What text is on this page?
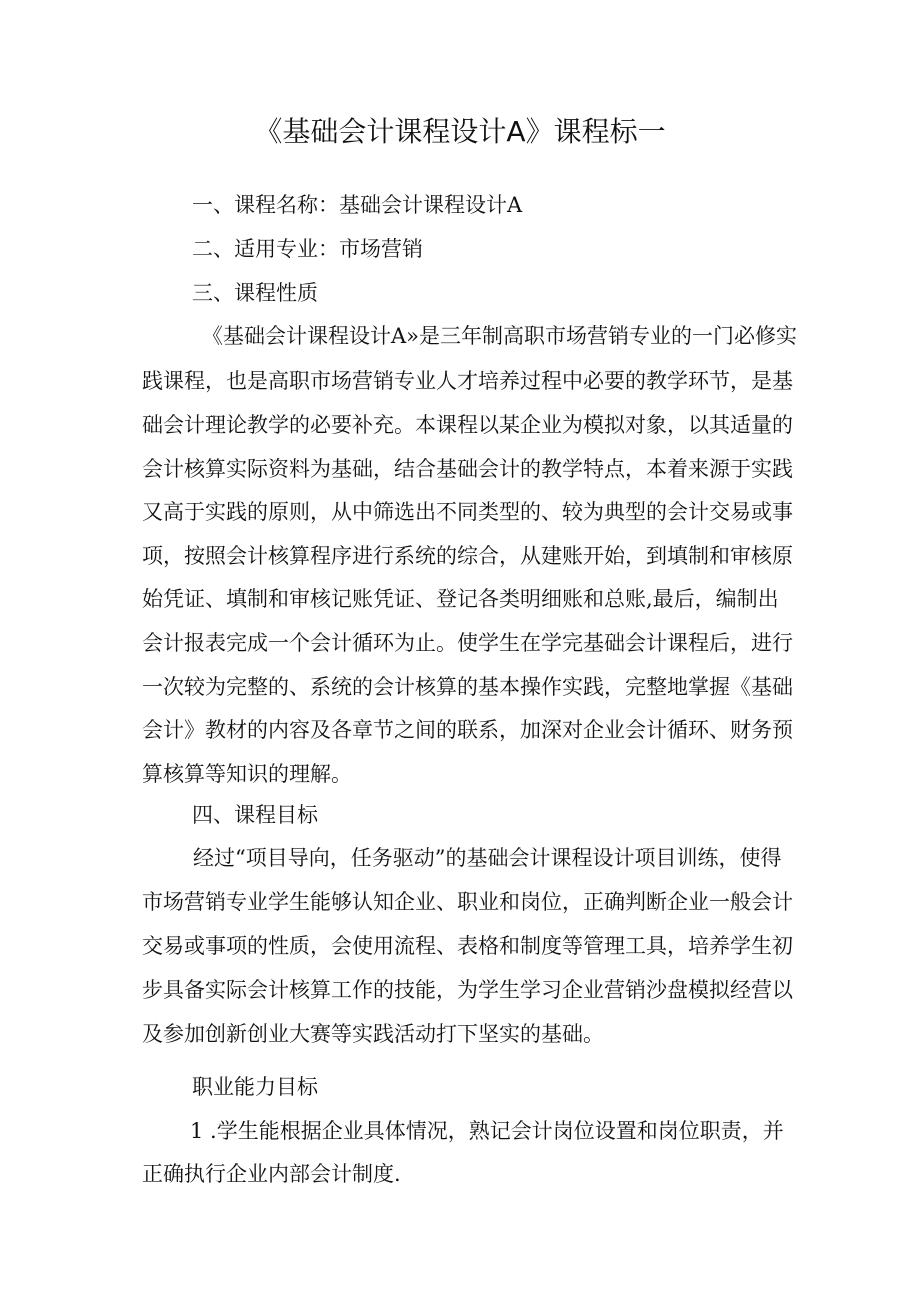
《基础会计课程设计A》课程标一
一、课程名称：基础会计课程设计A
二、适用专业：市场营销
三、课程性质
《基础会计课程设计A»是三年制高职市场营销专业的一门必修实
践课程，也是高职市场营销专业人才培养过程中必要的教学环节，是基
础会计理论教学的必要补充。本课程以某企业为模拟对象，以其适量的
会计核算实际资料为基础，结合基础会计的教学特点，本着来源于实践
又高于实践的原则，从中筛选出不同类型的、较为典型的会计交易或事
项，按照会计核算程序进行系统的综合，从建账开始，到填制和审核原
始凭证、填制和审核记账凭证、登记各类明细账和总账,最后，编制出
会计报表完成一个会计循环为止。使学生在学完基础会计课程后，进行
一次较为完整的、系统的会计核算的基本操作实践，完整地掌握《基础
会计》教材的内容及各章节之间的联系，加深对企业会计循环、财务预
算核算等知识的理解。
四、课程目标
经过“项目导向，任务驱动”的基础会计课程设计项目训练，使得
市场营销专业学生能够认知企业、职业和岗位，正确判断企业一般会计
交易或事项的性质，会使用流程、表格和制度等管理工具，培养学生初
步具备实际会计核算工作的技能，为学生学习企业营销沙盘模拟经营以
及参加创新创业大赛等实践活动打下坚实的基础。
职业能力目标
1 .学生能根据企业具体情况，熟记会计岗位设置和岗位职责，并
正确执行企业内部会计制度.
